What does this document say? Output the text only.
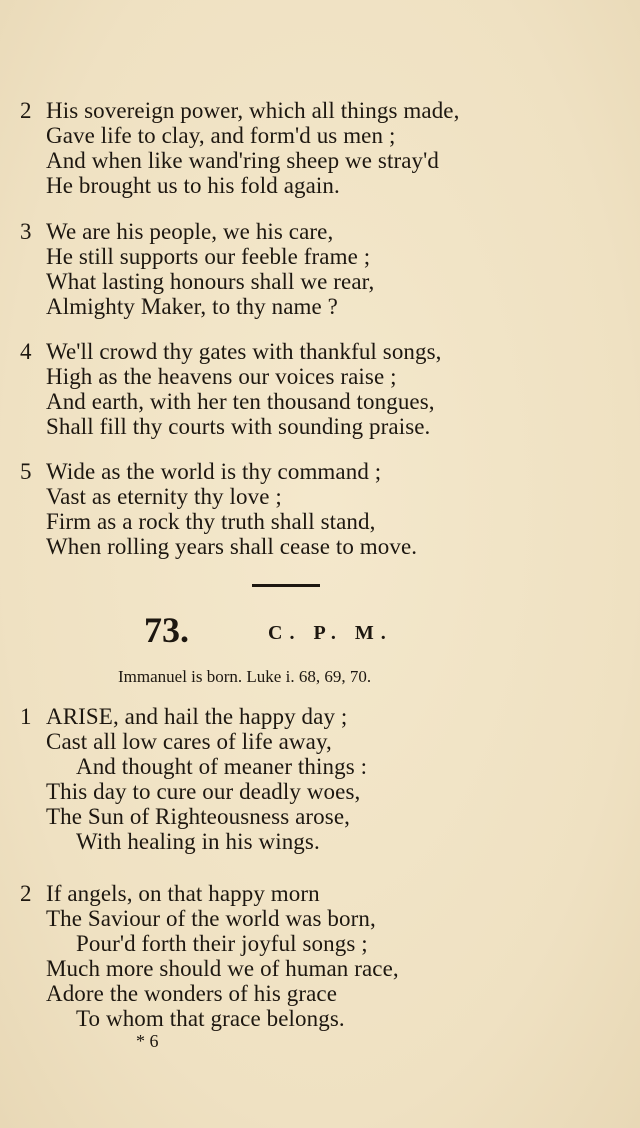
2 His sovereign power, which all things made,
Gave life to clay, and form'd us men ;
And when like wand'ring sheep we stray'd
He brought us to his fold again.
3 We are his people, we his care,
He still supports our feeble frame ;
What lasting honours shall we rear,
Almighty Maker, to thy name ?
4 We'll crowd thy gates with thankful songs,
High as the heavens our voices raise ;
And earth, with her ten thousand tongues,
Shall fill thy courts with sounding praise.
5 Wide as the world is thy command ;
Vast as eternity thy love ;
Firm as a rock thy truth shall stand,
When rolling years shall cease to move.
73.	C. P. M.
Immanuel is born. Luke i. 68, 69, 70.
1 ARISE, and hail the happy day ;
Cast all low cares of life away,
And thought of meaner things :
This day to cure our deadly woes,
The Sun of Righteousness arose,
With healing in his wings.
2 If angels, on that happy morn
The Saviour of the world was born,
Pour'd forth their joyful songs ;
Much more should we of human race,
Adore the wonders of his grace
To whom that grace belongs.
* 6
